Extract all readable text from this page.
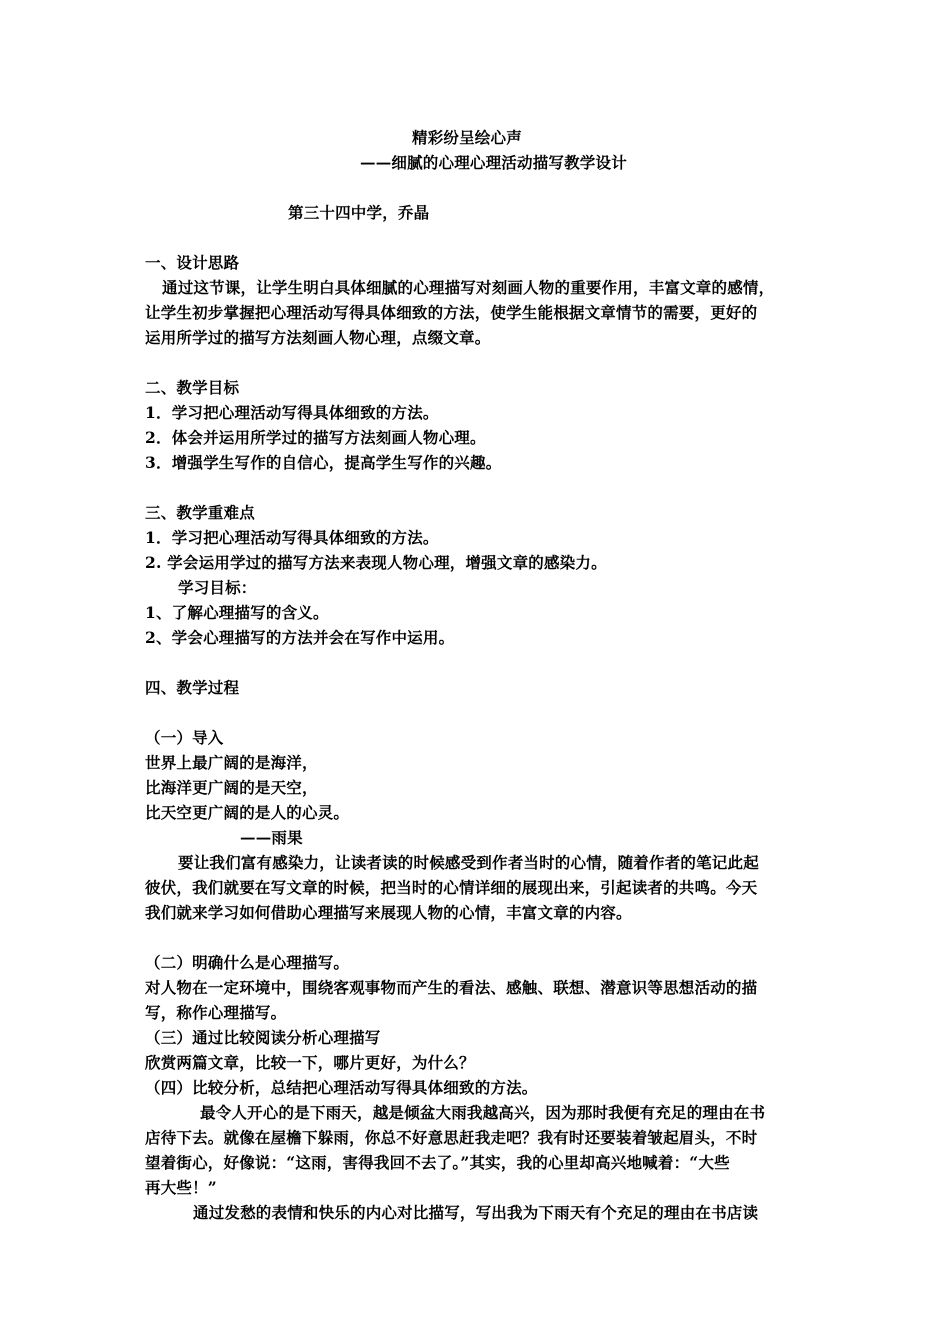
精彩纷呈绘心声
——细腻的心理心理活动描写教学设计
第三十四中学，乔晶
一、设计思路
通过这节课，让学生明白具体细腻的心理描写对刻画人物的重要作用，丰富文章的感情，
让学生初步掌握把心理活动写得具体细致的方法，使学生能根据文章情节的需要，更好的
运用所学过的描写方法刻画人物心理，点缀文章。
二、教学目标
1．学习把心理活动写得具体细致的方法。
2．体会并运用所学过的描写方法刻画人物心理。
3．增强学生写作的自信心，提高学生写作的兴趣。
三、教学重难点
1．学习把心理活动写得具体细致的方法。
2. 学会运用学过的描写方法来表现人物心理，增强文章的感染力。
学习目标：
1、了解心理描写的含义。
2、学会心理描写的方法并会在写作中运用。
四、教学过程
（一）导入
世界上最广阔的是海洋，
比海洋更广阔的是天空，
比天空更广阔的是人的心灵。
——雨果
要让我们富有感染力，让读者读的时候感受到作者当时的心情，随着作者的笔记此起
彼伏，我们就要在写文章的时候，把当时的心情详细的展现出来，引起读者的共鸣。今天
我们就来学习如何借助心理描写来展现人物的心情，丰富文章的内容。
（二）明确什么是心理描写。
对人物在一定环境中，围绕客观事物而产生的看法、感触、联想、潜意识等思想活动的描
写，称作心理描写。
（三）通过比较阅读分析心理描写
欣赏两篇文章，比较一下，哪片更好，为什么？
（四）比较分析，总结把心理活动写得具体细致的方法。
最令人开心的是下雨天，越是倾盆大雨我越高兴，因为那时我便有充足的理由在书
店待下去。就像在屋檐下躲雨，你总不好意思赶我走吧？我有时还要装着皱起眉头，不时
望着街心，好像说：“这雨，害得我回不去了。”其实，我的心里却高兴地喊着：“大些
再大些！”
通过发愁的表情和快乐的内心对比描写，写出我为下雨天有个充足的理由在书店读
